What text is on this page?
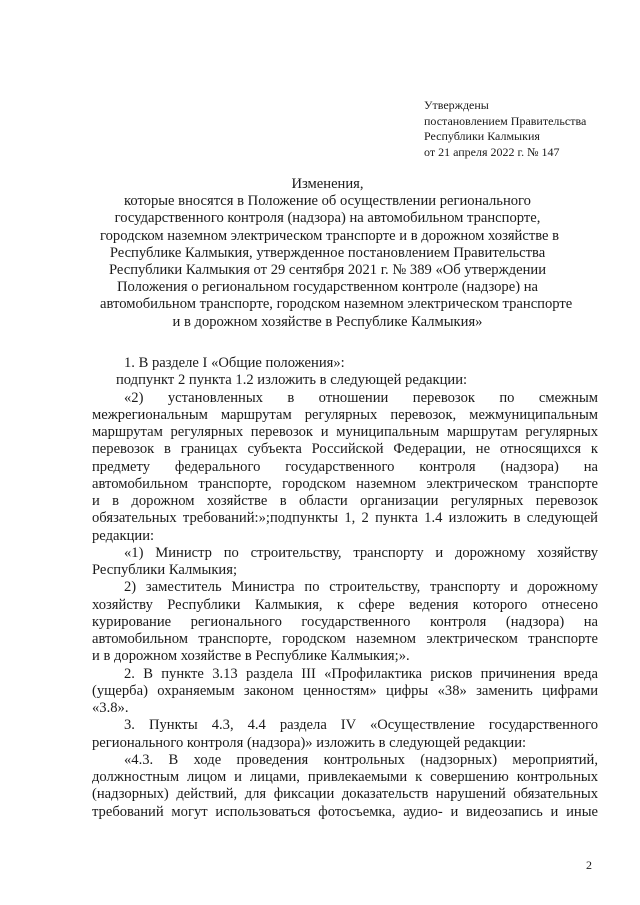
Утверждены
постановлением Правительства
Республики Калмыкия
от 21 апреля 2022 г. № 147
Изменения,
которые вносятся в Положение об осуществлении регионального
государственного контроля (надзора) на автомобильном транспорте,
городском наземном электрическом транспорте и в дорожном хозяйстве в
Республике Калмыкия, утвержденное постановлением Правительства
Республики Калмыкия от 29 сентября 2021 г. № 389 «Об утверждении
Положения о региональном государственном контроле (надзоре) на
автомобильном транспорте, городском наземном электрическом транспорте
и в дорожном хозяйстве в Республике Калмыкия»
1. В разделе I «Общие положения»:
подпункт 2 пункта 1.2 изложить в следующей редакции:
«2) установленных в отношении перевозок по смежным
межрегиональным маршрутам регулярных перевозок, межмуниципальным
маршрутам регулярных перевозок и муниципальным маршрутам регулярных
перевозок в границах субъекта Российской Федерации, не относящихся к
предмету федерального государственного контроля (надзора) на
автомобильном транспорте, городском наземном электрическом транспорте
и в дорожном хозяйстве в области организации регулярных перевозок
обязательных требований:»;подпункты 1, 2 пункта 1.4 изложить в следующей
редакции:
«1) Министр по строительству, транспорту и дорожному хозяйству
Республики Калмыкия;
2) заместитель Министра по строительству, транспорту и дорожному
хозяйству Республики Калмыкия, к сфере ведения которого отнесено
курирование регионального государственного контроля (надзора) на
автомобильном транспорте, городском наземном электрическом транспорте
и в дорожном хозяйстве в Республике Калмыкия;».
2. В пункте 3.13 раздела III «Профилактика рисков причинения вреда
(ущерба) охраняемым законом ценностям» цифры «38» заменить цифрами
«3.8».
3. Пункты 4.3, 4.4 раздела IV «Осуществление государственного
регионального контроля (надзора)» изложить в следующей редакции:
«4.3. В ходе проведения контрольных (надзорных) мероприятий,
должностным лицом и лицами, привлекаемыми к совершению контрольных
(надзорных) действий, для фиксации доказательств нарушений обязательных
требований могут использоваться фотосъемка, аудио- и видеозапись и иные
2
